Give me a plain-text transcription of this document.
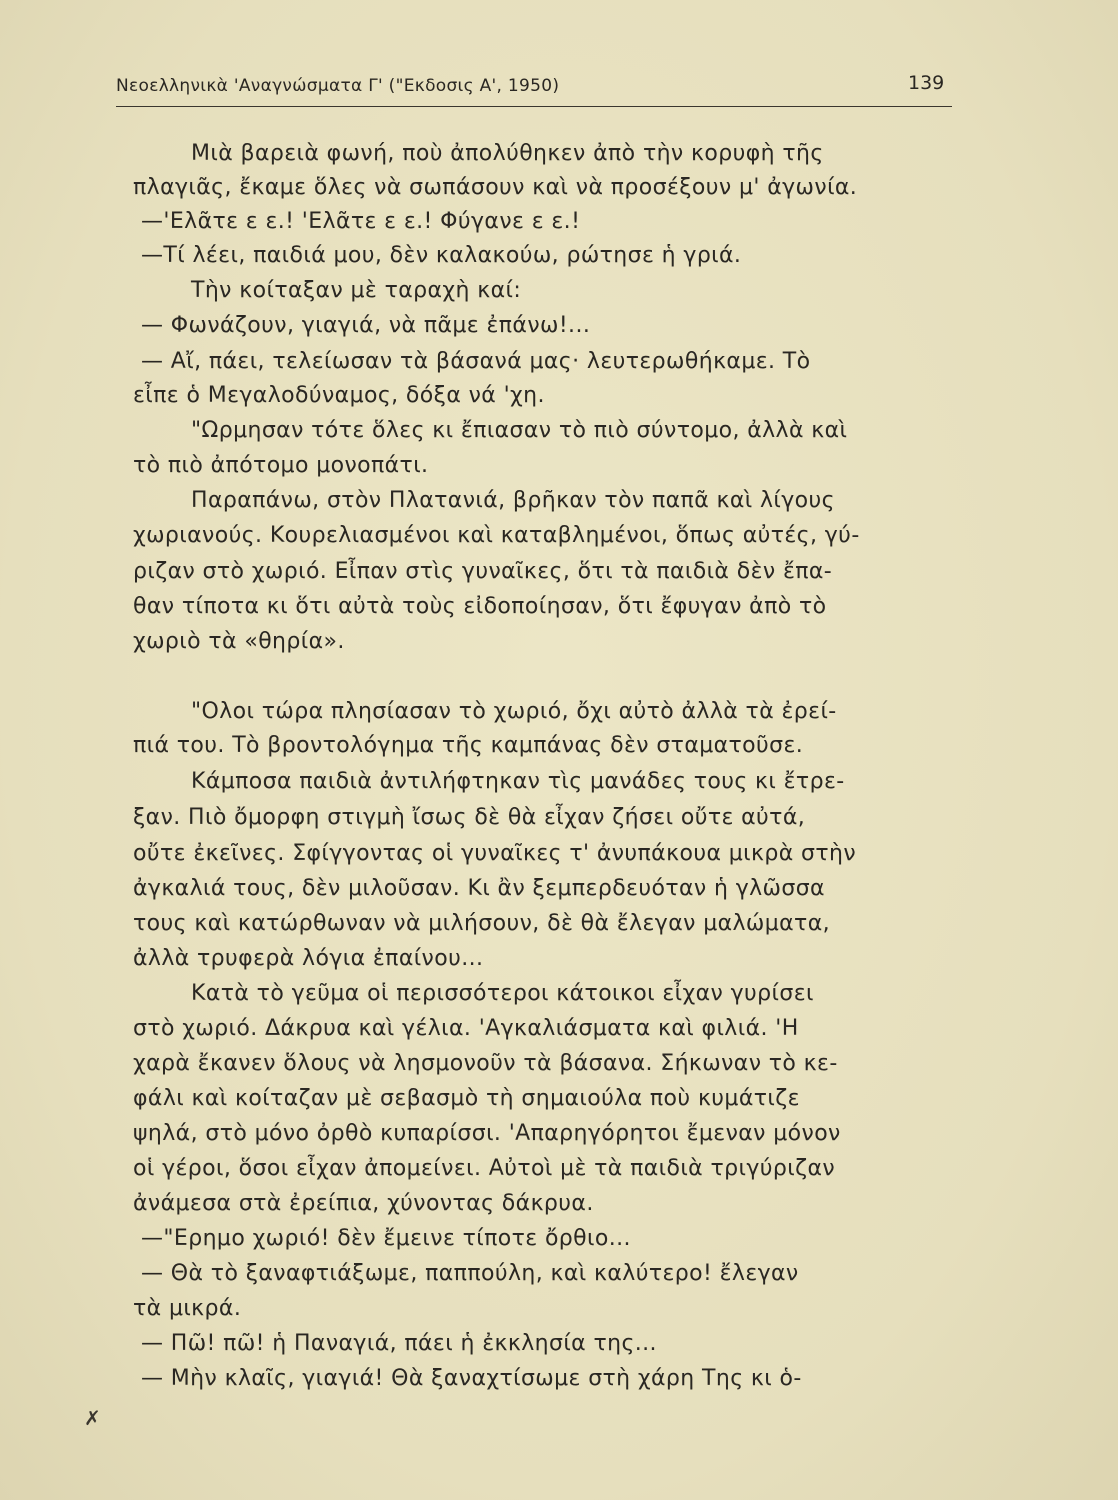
Νεοελληνικὰ 'Αναγνώσματα Γ' ("Εκδοσις Α', 1950)	139
Μιὰ βαρειὰ φωνή, ποὺ ἀπολύθηκεν ἀπὸ τὴν κορυφὴ τῆς
πλαγιᾶς, ἔκαμε ὅλες νὰ σωπάσουν καὶ νὰ προσέξουν μ' ἀγωνία.
—'Ελᾶτε ε ε.! 'Ελᾶτε ε ε.! Φύγανε ε ε.!
—Τί λέει, παιδιά μου, δὲν καλακούω, ρώτησε ἡ γριά.
Τὴν κοίταξαν μὲ ταραχὴ καί:
— Φωνάζουν, γιαγιά, νὰ πᾶμε ἐπάνω!...
— Αἴ, πάει, τελείωσαν τὰ βάσανά μας· λευτερωθήκαμε. Τὸ
εἶπε ὁ Μεγαλοδύναμος, δόξα νά 'χη.
"Ωρμησαν τότε ὅλες κι ἔπιασαν τὸ πιὸ σύντομο, ἀλλὰ καὶ
τὸ πιὸ ἀπότομο μονοπάτι.
Παραπάνω, στὸν Πλατανιά, βρῆκαν τὸν παπᾶ καὶ λίγους
χωριανούς. Κουρελιασμένοι καὶ καταβλημένοι, ὅπως αὐτές, γύ-
ριζαν στὸ χωριό. Εἶπαν στὶς γυναῖκες, ὅτι τὰ παιδιὰ δὲν ἔπα-
θαν τίποτα κι ὅτι αὐτὰ τοὺς εἰδοποίησαν, ὅτι ἔφυγαν ἀπὸ τὸ
χωριὸ τὰ «θηρία».
"Ολοι τώρα πλησίασαν τὸ χωριό, ὄχι αὐτὸ ἀλλὰ τὰ ἐρεί-
πιά του. Τὸ βροντολόγημα τῆς καμπάνας δὲν σταματοῦσε.
Κάμποσα παιδιὰ ἀντιλήφτηκαν τὶς μανάδες τους κι ἔτρε-
ξαν. Πιὸ ὄμορφη στιγμὴ ἴσως δὲ θὰ εἶχαν ζήσει οὔτε αὐτά,
οὔτε ἐκεῖνες. Σφίγγοντας οἱ γυναῖκες τ' ἀνυπάκουα μικρὰ στὴν
ἀγκαλιά τους, δὲν μιλοῦσαν. Κι ἂν ξεμπερδευόταν ἡ γλῶσσα
τους καὶ κατώρθωναν νὰ μιλήσουν, δὲ θὰ ἔλεγαν μαλώματα,
ἀλλὰ τρυφερὰ λόγια ἐπαίνου...
Κατὰ τὸ γεῦμα οἱ περισσότεροι κάτοικοι εἶχαν γυρίσει
στὸ χωριό. Δάκρυα καὶ γέλια. 'Αγκαλιάσματα καὶ φιλιά. 'Η
χαρὰ ἔκανεν ὅλους νὰ λησμονοῦν τὰ βάσανα. Σήκωναν τὸ κε-
φάλι καὶ κοίταζαν μὲ σεβασμὸ τὴ σημαιούλα ποὺ κυμάτιζε
ψηλά, στὸ μόνο ὀρθὸ κυπαρίσσι. 'Απαρηγόρητοι ἔμεναν μόνον
οἱ γέροι, ὅσοι εἶχαν ἀπομείνει. Αὐτοὶ μὲ τὰ παιδιὰ τριγύριζαν
ἀνάμεσα στὰ ἐρείπια, χύνοντας δάκρυα.
—"Ερημο χωριό! δὲν ἔμεινε τίποτε ὄρθιο...
— Θὰ τὸ ξαναφτιάξωμε, παππούλη, καὶ καλύτερο! ἔλεγαν
τὰ μικρά.
— Πῶ! πῶ! ἡ Παναγιά, πάει ἡ ἐκκλησία της...
— Μὴν κλαῖς, γιαγιά! Θὰ ξαναχτίσωμε στὴ χάρη Της κι ὁ-
✗
